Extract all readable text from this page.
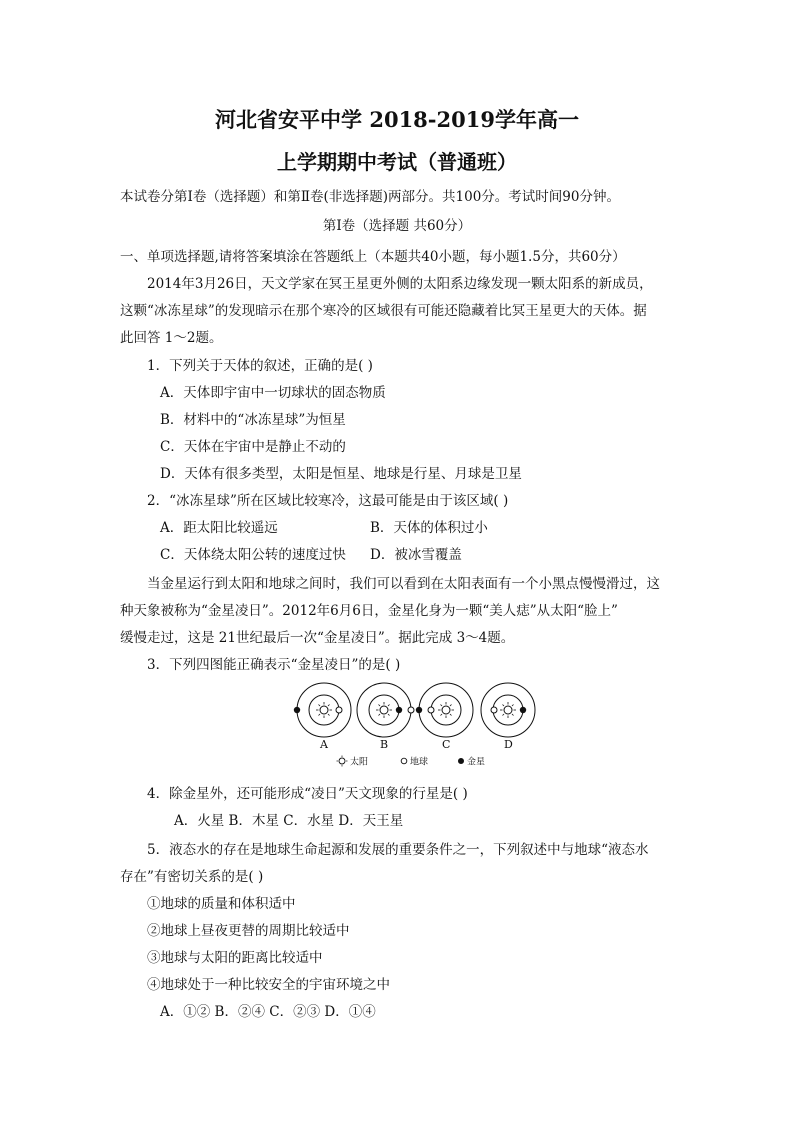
河北省安平中学 2018-2019学年高一
上学期期中考试（普通班）
本试卷分第Ⅰ卷（选择题）和第Ⅱ卷(非选择题)两部分。共100分。考试时间90分钟。
第Ⅰ卷（选择题 共60分）
一、单项选择题,请将答案填涂在答题纸上（本题共40小题，每小题1.5分，共60分）
2014年3月26日，天文学家在冥王星更外侧的太阳系边缘发现一颗太阳系的新成员，
这颗“冰冻星球”的发现暗示在那个寒冷的区域很有可能还隐藏着比冥王星更大的天体。据
此回答 1～2题。
1．下列关于天体的叙述，正确的是( )
A．天体即宇宙中一切球状的固态物质
B．材料中的“冰冻星球”为恒星
C．天体在宇宙中是静止不动的
D．天体有很多类型，太阳是恒星、地球是行星、月球是卫星
2．“冰冻星球”所在区域比较寒冷，这最可能是由于该区域( )
A．距太阳比较遥远	B．天体的体积过小
C．天体绕太阳公转的速度过快 D．被冰雪覆盖
当金星运行到太阳和地球之间时，我们可以看到在太阳表面有一个小黑点慢慢滑过，这
种天象被称为“金星凌日”。2012年6月6日，金星化身为一颗“美人痣”从太阳“脸上”
缓慢走过，这是 21世纪最后一次“金星凌日”。据此完成 3～4题。
3．下列四图能正确表示“金星凌日”的是( )
A	B	C	D
太阳	地球	金星
4．除金星外，还可能形成“凌日”天文现象的行星是( )
A．火星 B．木星 C．水星 D．天王星
5．液态水的存在是地球生命起源和发展的重要条件之一，下列叙述中与地球“液态水
存在”有密切关系的是( )
①地球的质量和体积适中
②地球上昼夜更替的周期比较适中
③地球与太阳的距离比较适中
④地球处于一种比较安全的宇宙环境之中
A．①② B．②④ C．②③ D．①④
